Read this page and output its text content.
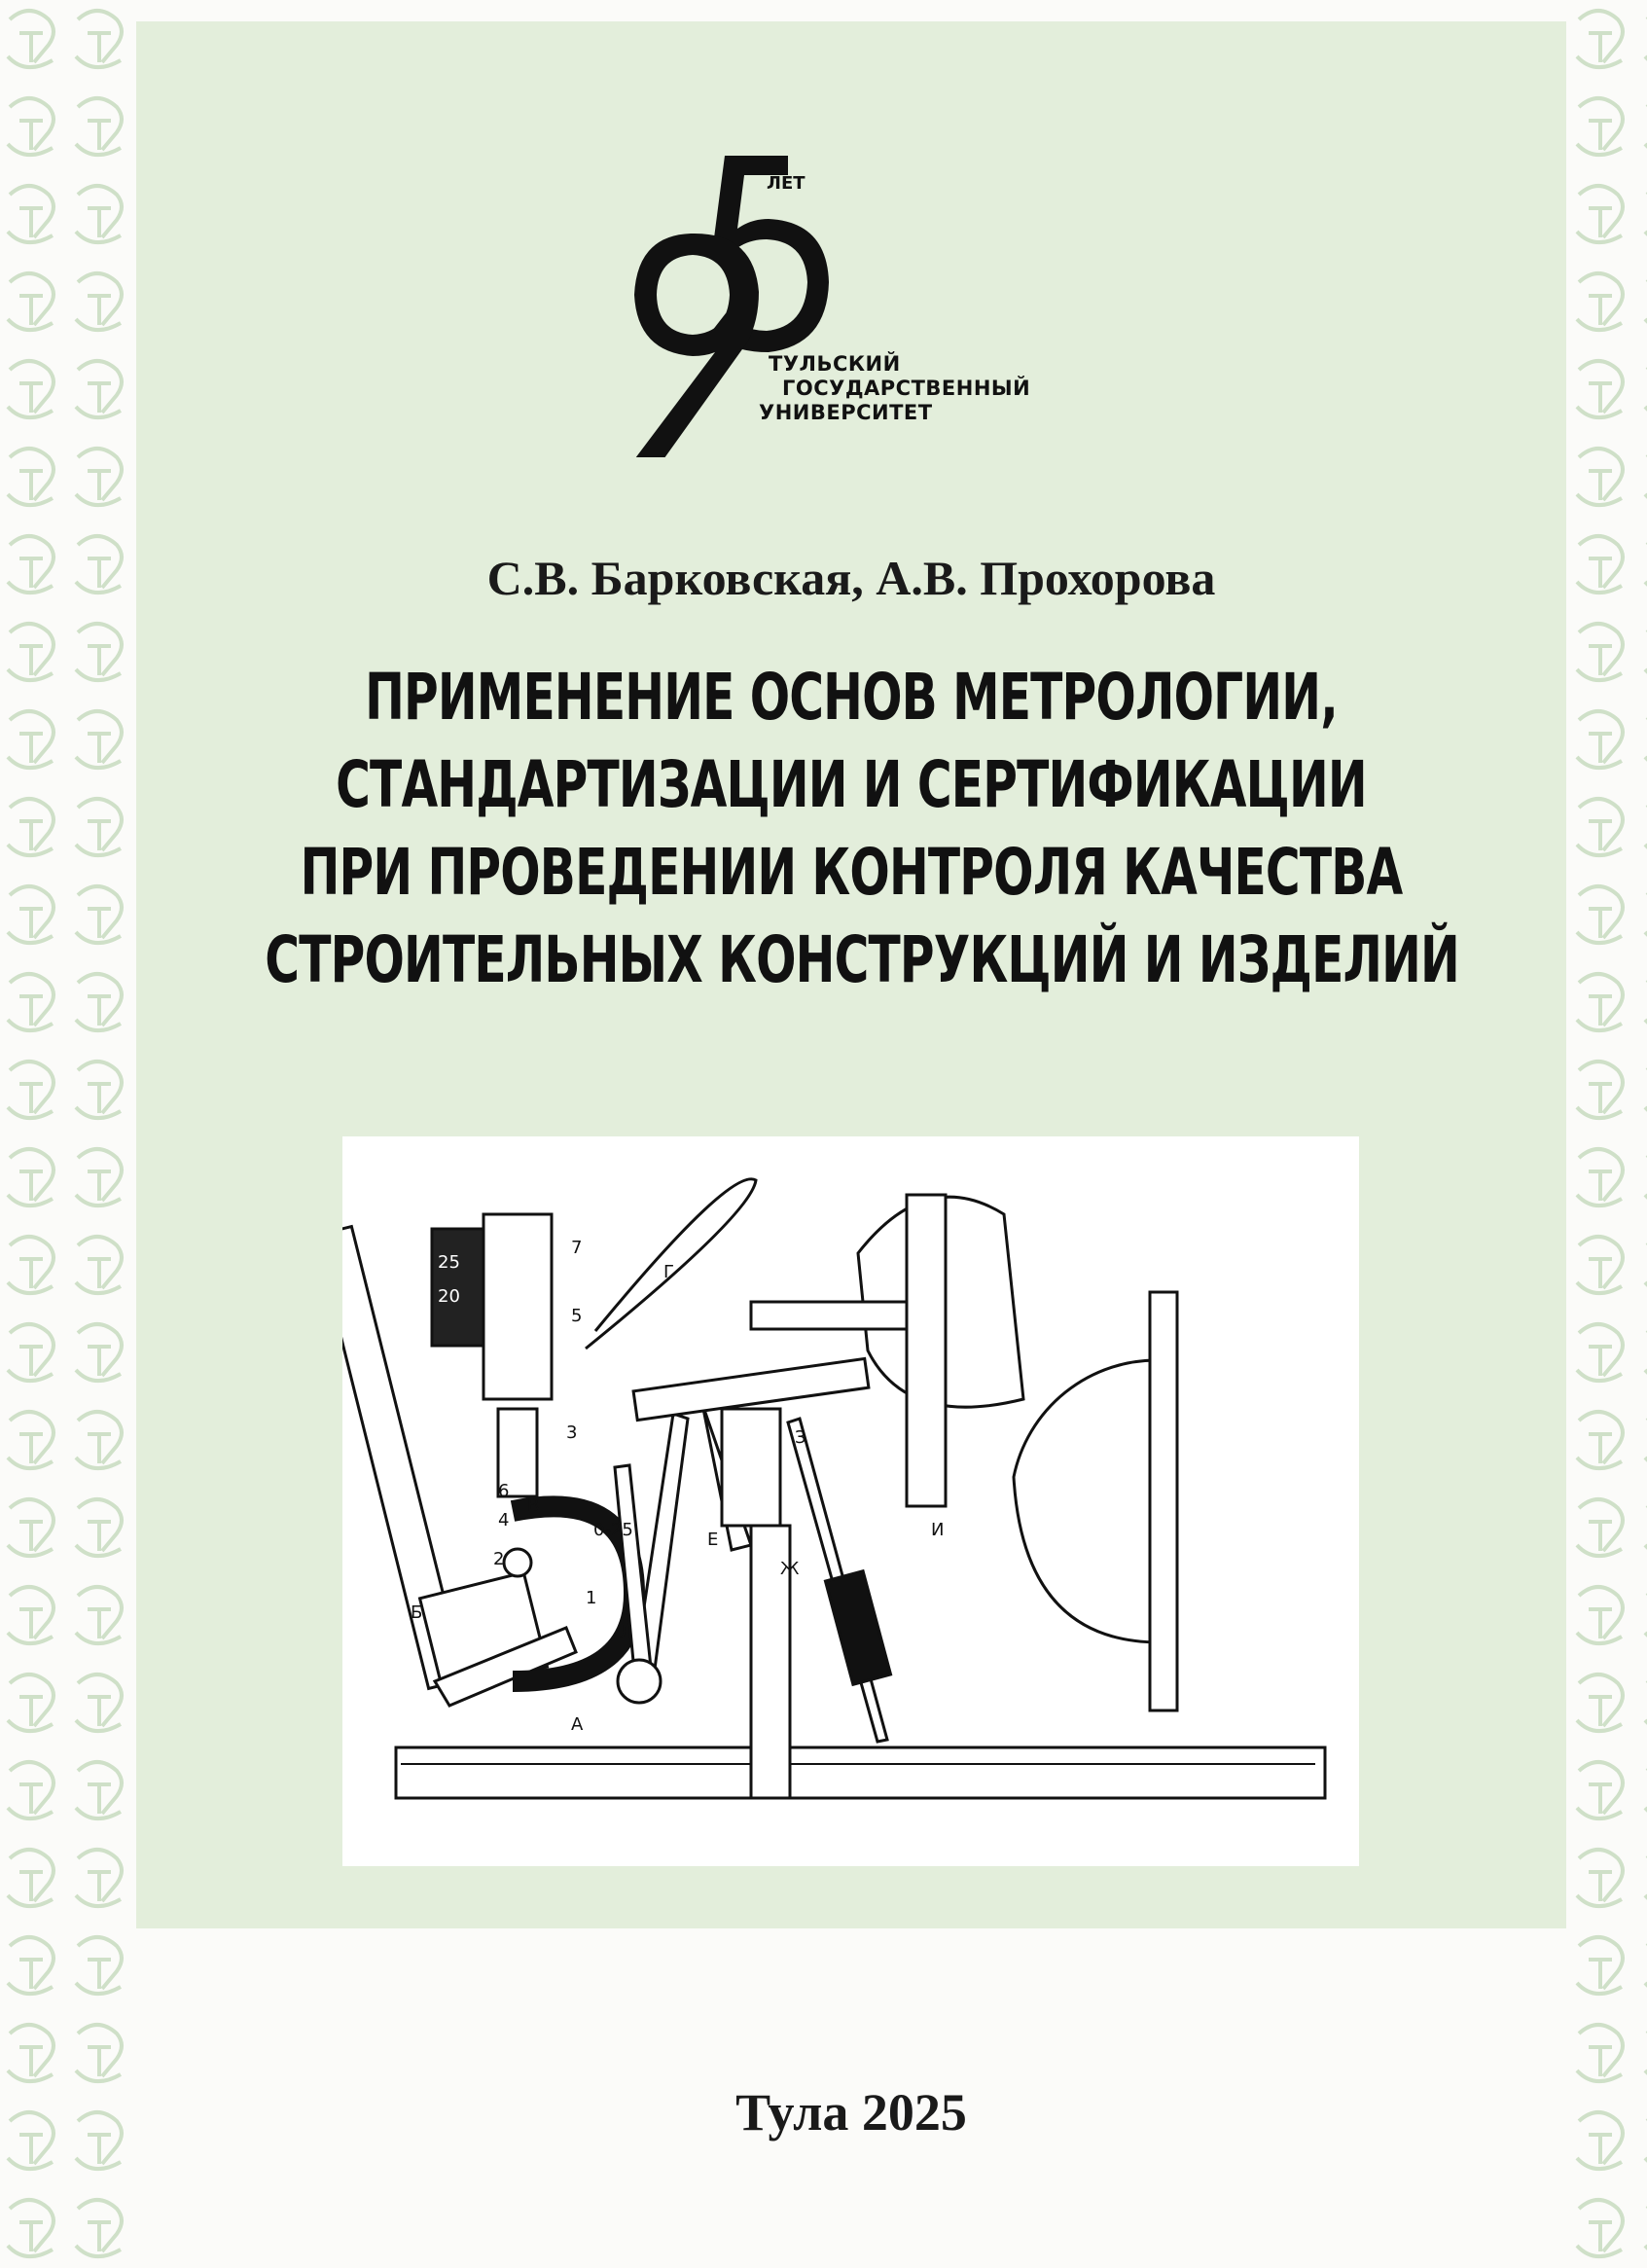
ЛЕТ
ТУЛЬСКИЙ
ГОСУДАРСТВЕННЫЙ
УНИВЕРСИТЕТ
С.В. Барковская, А.В. Прохорова
ПРИМЕНЕНИЕ ОСНОВ МЕТРОЛОГИИ,
СТАНДАРТИЗАЦИИ И СЕРТИФИКАЦИИ
ПРИ ПРОВЕДЕНИИ КОНТРОЛЯ КАЧЕСТВА
СТРОИТЕЛЬНЫХ КОНСТРУКЦИЙ И ИЗДЕЛИЙ
Б
А
Л
В
Е
Ж
З
И
Г
2
4
6
3
5
7
1
0-25
25
20
Тула 2025
